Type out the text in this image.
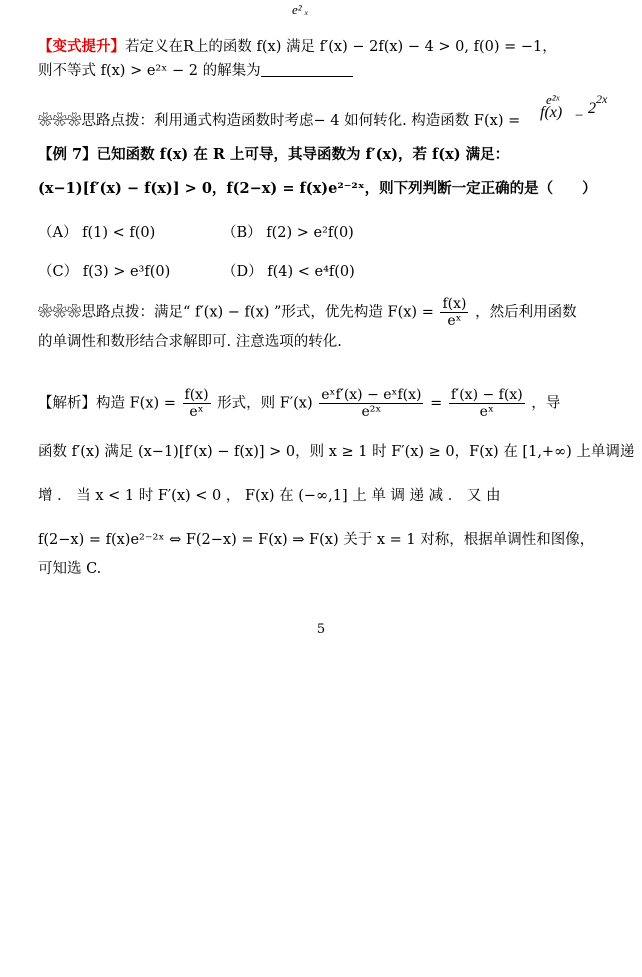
e² ₓ
【变式提升】若定义在R上的函数 f(x) 满足 f′(x) − 2f(x) − 4 > 0, f(0) = −1，
则不等式 f(x) > e²ˣ − 2 的解集为
❀❀❀思路点拨：利用通式构造函数时考虑− 4 如何转化. 构造函数 F(x) =
e²ˣ
f(x) −
2x
2
【例 7】已知函数 f(x) 在 R 上可导，其导函数为 f′(x)，若 f(x) 满足：
(x−1)[f′(x) − f(x)] > 0，f(2−x) = f(x)e²⁻²ˣ，则下列判断一定正确的是（　　）
（A） f(1) < f(0)	（B） f(2) > e²f(0)
（C） f(3) > e³f(0)	（D） f(4) < e⁴f(0)
❀❀❀思路点拨：满足“ f′(x) − f(x) ”形式，优先构造 $F(x) = \frac{f(x)}{\text{eˣ}}$ ，然后利用函数
的单调性和数形结合求解即可. 注意选项的转化.
【解析】构造 $F(x) = \frac{f(x)}{\text{eˣ}}$ 形式，则 $F'(x) \frac{\text{eˣf′(x) − eˣf(x)}}{\text{e²ˣ}} = \frac{f'(x) - f(x)}{\text{eˣ}}$ ，导
函数 f′(x) 满足 (x−1)[f′(x) − f(x)] > 0，则 x ≥ 1 时 F′(x) ≥ 0，F(x) 在 [1,+∞) 上单调递
增 ． 当 x < 1 时 F′(x) < 0 ， F(x) 在 (−∞,1] 上 单 调 递 减 ． 又 由
f(2−x) = f(x)e²⁻²ˣ ⇔ F(2−x) = F(x) ⇒ F(x) 关于 x = 1 对称，根据单调性和图像，
可知选 C.
5
